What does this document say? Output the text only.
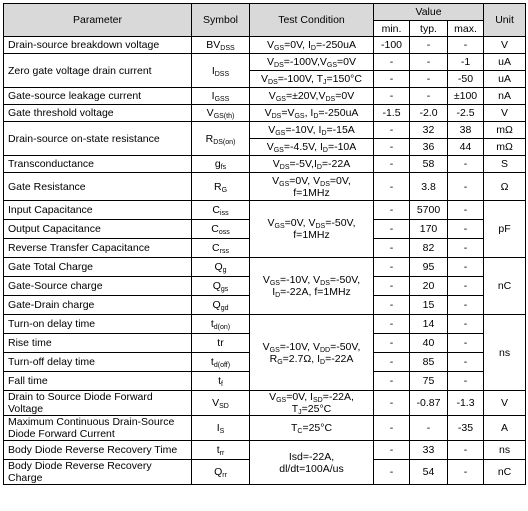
Parameter	Symbol	Test Condition	Value			Unit
			min.	typ.	max.	
Drain-source breakdown voltage	$BV_{DSS}$	$V_{GS}=0V$, $I_D=-250uA$	-100	-	-	V
Zero gate voltage drain current	$I_{DSS}$	$V_{DS}=-100V,V_{GS}=0V$	-	-	-1	uA
		$V_{DS}=-100V$, $T_J=150^\circ C$	-	-	-50	uA
Gate-source leakage current	$I_{GSS}$	$V_{GS}=\pm 20V,V_{DS}=0V$	-	-	±100	nA
Gate threshold voltage	$V_{GS(th)}$	$V_{DS}=V_{GS}$, $I_D=-250uA$	-1.5	-2.0	-2.5	V
Drain-source on-state resistance	$R_{DS(on)}$	$V_{GS}=-10V$, $I_D=-15A$	-	32	38	mΩ
		$V_{GS}=-4.5V$, $I_D=-10A$	-	36	44	mΩ
Transconductance	$g_{fs}$	$V_{DS}=-5V,I_D=-22A$	-	58	-	S
Gate Resistance	$R_G$	$V_{GS}=0V$, $V_{DS}=0V$,
f=1MHz	-	3.8	-	Ω
Input Capacitance	$C_{iss}$	$V_{GS}=0V$, $V_{DS}=-50V$,
f=1MHz	-	5700	-	pF
Output Capacitance	$C_{oss}$		-	170	-	
Reverse Transfer Capacitance	$C_{rss}$		-	82	-	
Gate Total Charge	$Q_g$	$V_{GS}=-10V$, $V_{DS}=-50V$,
$I_D=-22A$, f=1MHz	-	95	-	nC
Gate-Source charge	$Q_{gs}$		-	20	-	
Gate-Drain charge	$Q_{gd}$		-	15	-	
Turn-on delay time	$t_{d(on)}$	$V_{GS}=-10V$, $V_{DD}=-50V$,
$R_G=2.7\Omega$, $I_D=-22A$	-	14	-	ns
Rise time	tr		-	40	-	
Turn-off delay time	$t_{d(off)}$		-	85	-	
Fall time	$t_f$		-	75	-	
Drain to Source Diode Forward
Voltage	$V_{SD}$	$V_{GS}=0V$, $I_{SD}=-22A$,
$T_J=25^\circ C$	-	-0.87	-1.3	V
Maximum Continuous Drain-Source
Diode Forward Current	$I_S$	$T_C=25^\circ C$	-	-	-35	A
Body Diode Reverse Recovery Time	$t_{rr}$	Isd=-22A,
dl/dt=100A/us	-	33	-	ns
Body Diode Reverse Recovery
Charge	$Q_{rr}$		-	54	-	nC
